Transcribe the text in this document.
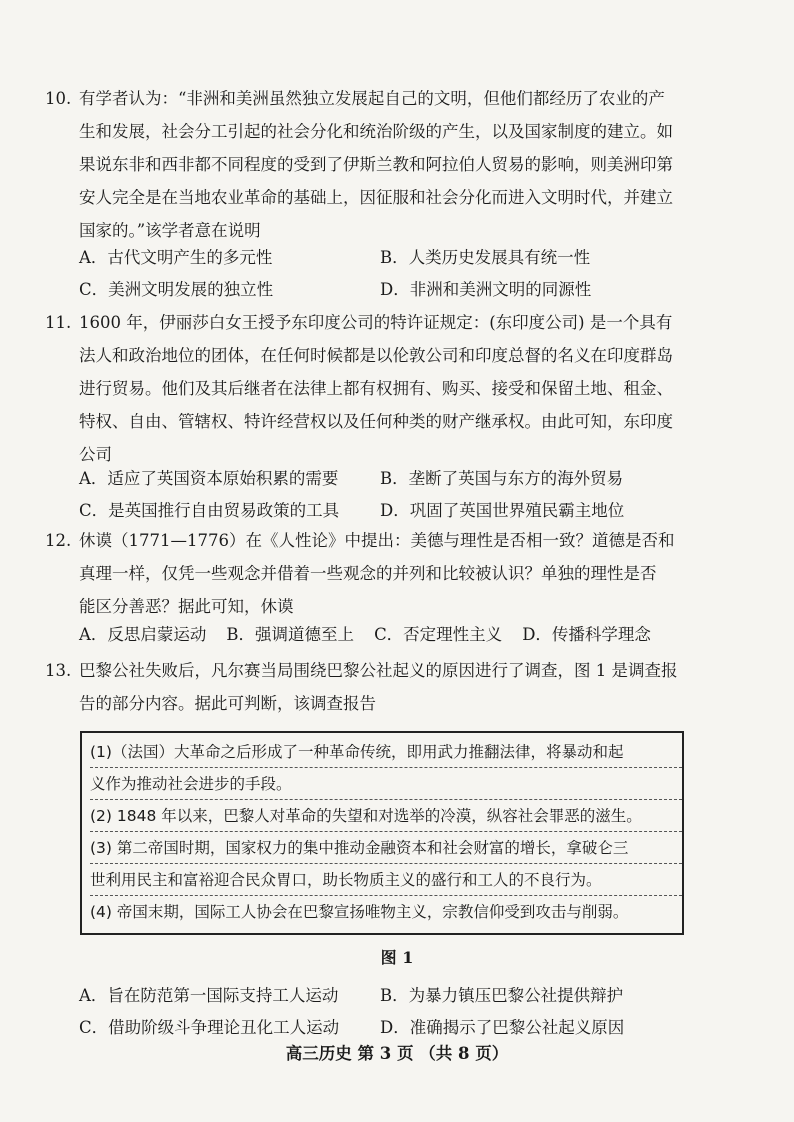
10. 有学者认为：“非洲和美洲虽然独立发展起自己的文明，但他们都经历了农业的产
生和发展，社会分工引起的社会分化和统治阶级的产生，以及国家制度的建立。如
果说东非和西非都不同程度的受到了伊斯兰教和阿拉伯人贸易的影响，则美洲印第
安人完全是在当地农业革命的基础上，因征服和社会分化而进入文明时代，并建立
国家的。”该学者意在说明
A．古代文明产生的多元性	B．人类历史发展具有统一性
C．美洲文明发展的独立性	D．非洲和美洲文明的同源性
11. 1600 年，伊丽莎白女王授予东印度公司的特许证规定：(东印度公司) 是一个具有
法人和政治地位的团体，在任何时候都是以伦敦公司和印度总督的名义在印度群岛
进行贸易。他们及其后继者在法律上都有权拥有、购买、接受和保留土地、租金、
特权、自由、管辖权、特许经营权以及任何种类的财产继承权。由此可知，东印度
公司
A．适应了英国资本原始积累的需要	B．垄断了英国与东方的海外贸易
C．是英国推行自由贸易政策的工具 D．巩固了英国世界殖民霸主地位
12. 休谟（1771—1776）在《人性论》中提出：美德与理性是否相一致？道德是否和
真理一样，仅凭一些观念并借着一些观念的并列和比较被认识？单独的理性是否
能区分善恶？据此可知，休谟
A．反思启蒙运动 B．强调道德至上 C．否定理性主义 D．传播科学理念
13. 巴黎公社失败后，凡尔赛当局围绕巴黎公社起义的原因进行了调查，图 1 是调查报
告的部分内容。据此可判断，该调查报告
(1)（法国）大革命之后形成了一种革命传统，即用武力推翻法律，将暴动和起
义作为推动社会进步的手段。
(2) 1848 年以来，巴黎人对革命的失望和对选举的冷漠，纵容社会罪恶的滋生。
(3) 第二帝国时期，国家权力的集中推动金融资本和社会财富的增长，拿破仑三
世利用民主和富裕迎合民众胃口，助长物质主义的盛行和工人的不良行为。
(4) 帝国末期，国际工人协会在巴黎宣扬唯物主义，宗教信仰受到攻击与削弱。
图 1
A．旨在防范第一国际支持工人运动	B．为暴力镇压巴黎公社提供辩护
C．借助阶级斗争理论丑化工人运动 D．准确揭示了巴黎公社起义原因
高三历史 第 3 页 （共 8 页）
